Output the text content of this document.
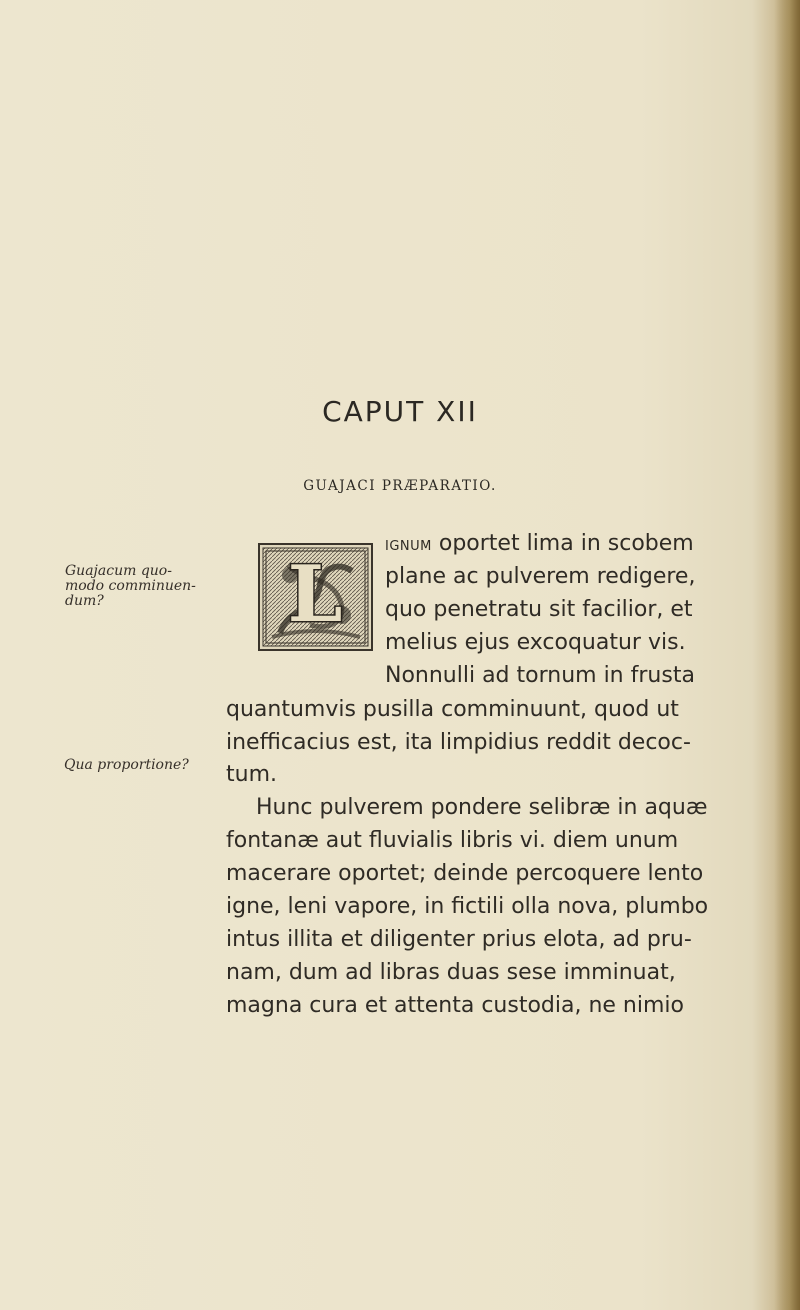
CAPUT XII
GUAJACI PRÆPARATIO.
Guajacum quo-
modo comminuen-
dum?	L
ignum oportet lima in scobem
plane ac pulverem redigere,
quo penetratu sit facilior, et
melius ejus excoquatur vis.
Nonnulli ad tornum in frusta
quantumvis pusilla comminuunt, quod ut
inefficacius est, ita limpidius reddit decoc-
tum.
Qua proportione?
Hunc pulverem pondere selibræ in aquæ
fontanæ aut fluvialis libris vi. diem unum
macerare oportet; deinde percoquere lento
igne, leni vapore, in fictili olla nova, plumbo
intus illita et diligenter prius elota, ad pru-
nam, dum ad libras duas sese imminuat,
magna cura et attenta custodia, ne nimio
